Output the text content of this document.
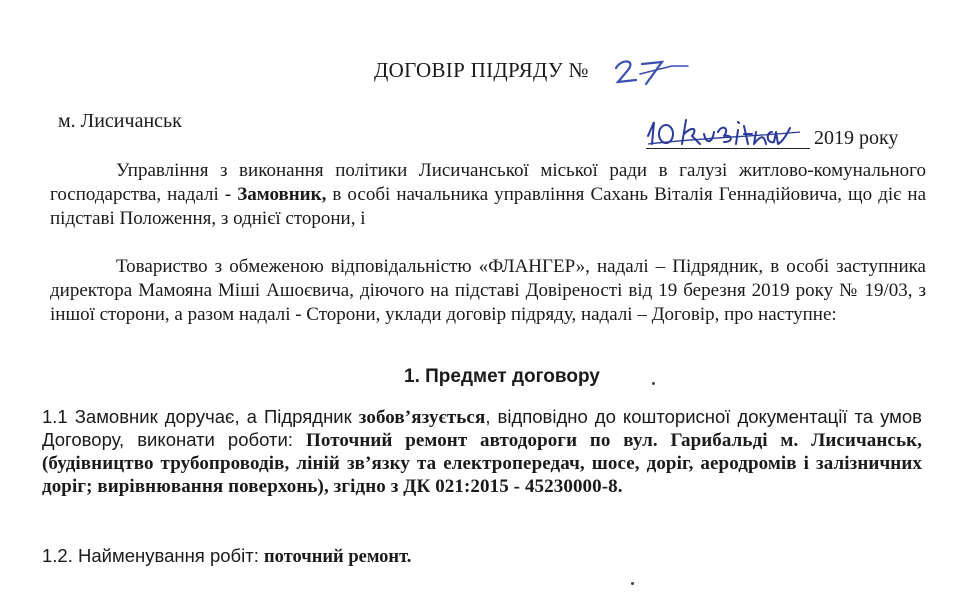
ДОГОВІР ПІДРЯДУ №
м. Лисичанськ
2019 року

Управління з виконання політики Лисичанської міської ради в галузі житлово-комунального господарства, надалі - Замовник, в особі начальника управління Сахань Віталія Геннадійовича, що діє на підставі Положення, з однієї сторони, і

Товариство з обмеженою відповідальністю «ФЛАНГЕР», надалі – Підрядник, в особі заступника директора Мамояна Міші Ашоєвича, діючого на підставі Довіреності від 19 березня 2019 року № 19/03, з іншої сторони, а разом надалі - Сторони, уклади договір підряду, надалі – Договір, про наступне:

1. Предмет договору

1.1 Замовник доручає, а Підрядник зобов’язується, відповідно до кошторисної документації та умов Договору, виконати роботи: Поточний ремонт автодороги по вул. Гарибальді м. Лисичанськ, (будівництво трубопроводів, ліній зв’язку та електропередач, шосе, доріг, аеродромів і залізничних доріг; вирівнювання поверхонь), згідно з ДК 021:2015 - 45230000-8.

1.2. Найменування робіт: поточний ремонт.
